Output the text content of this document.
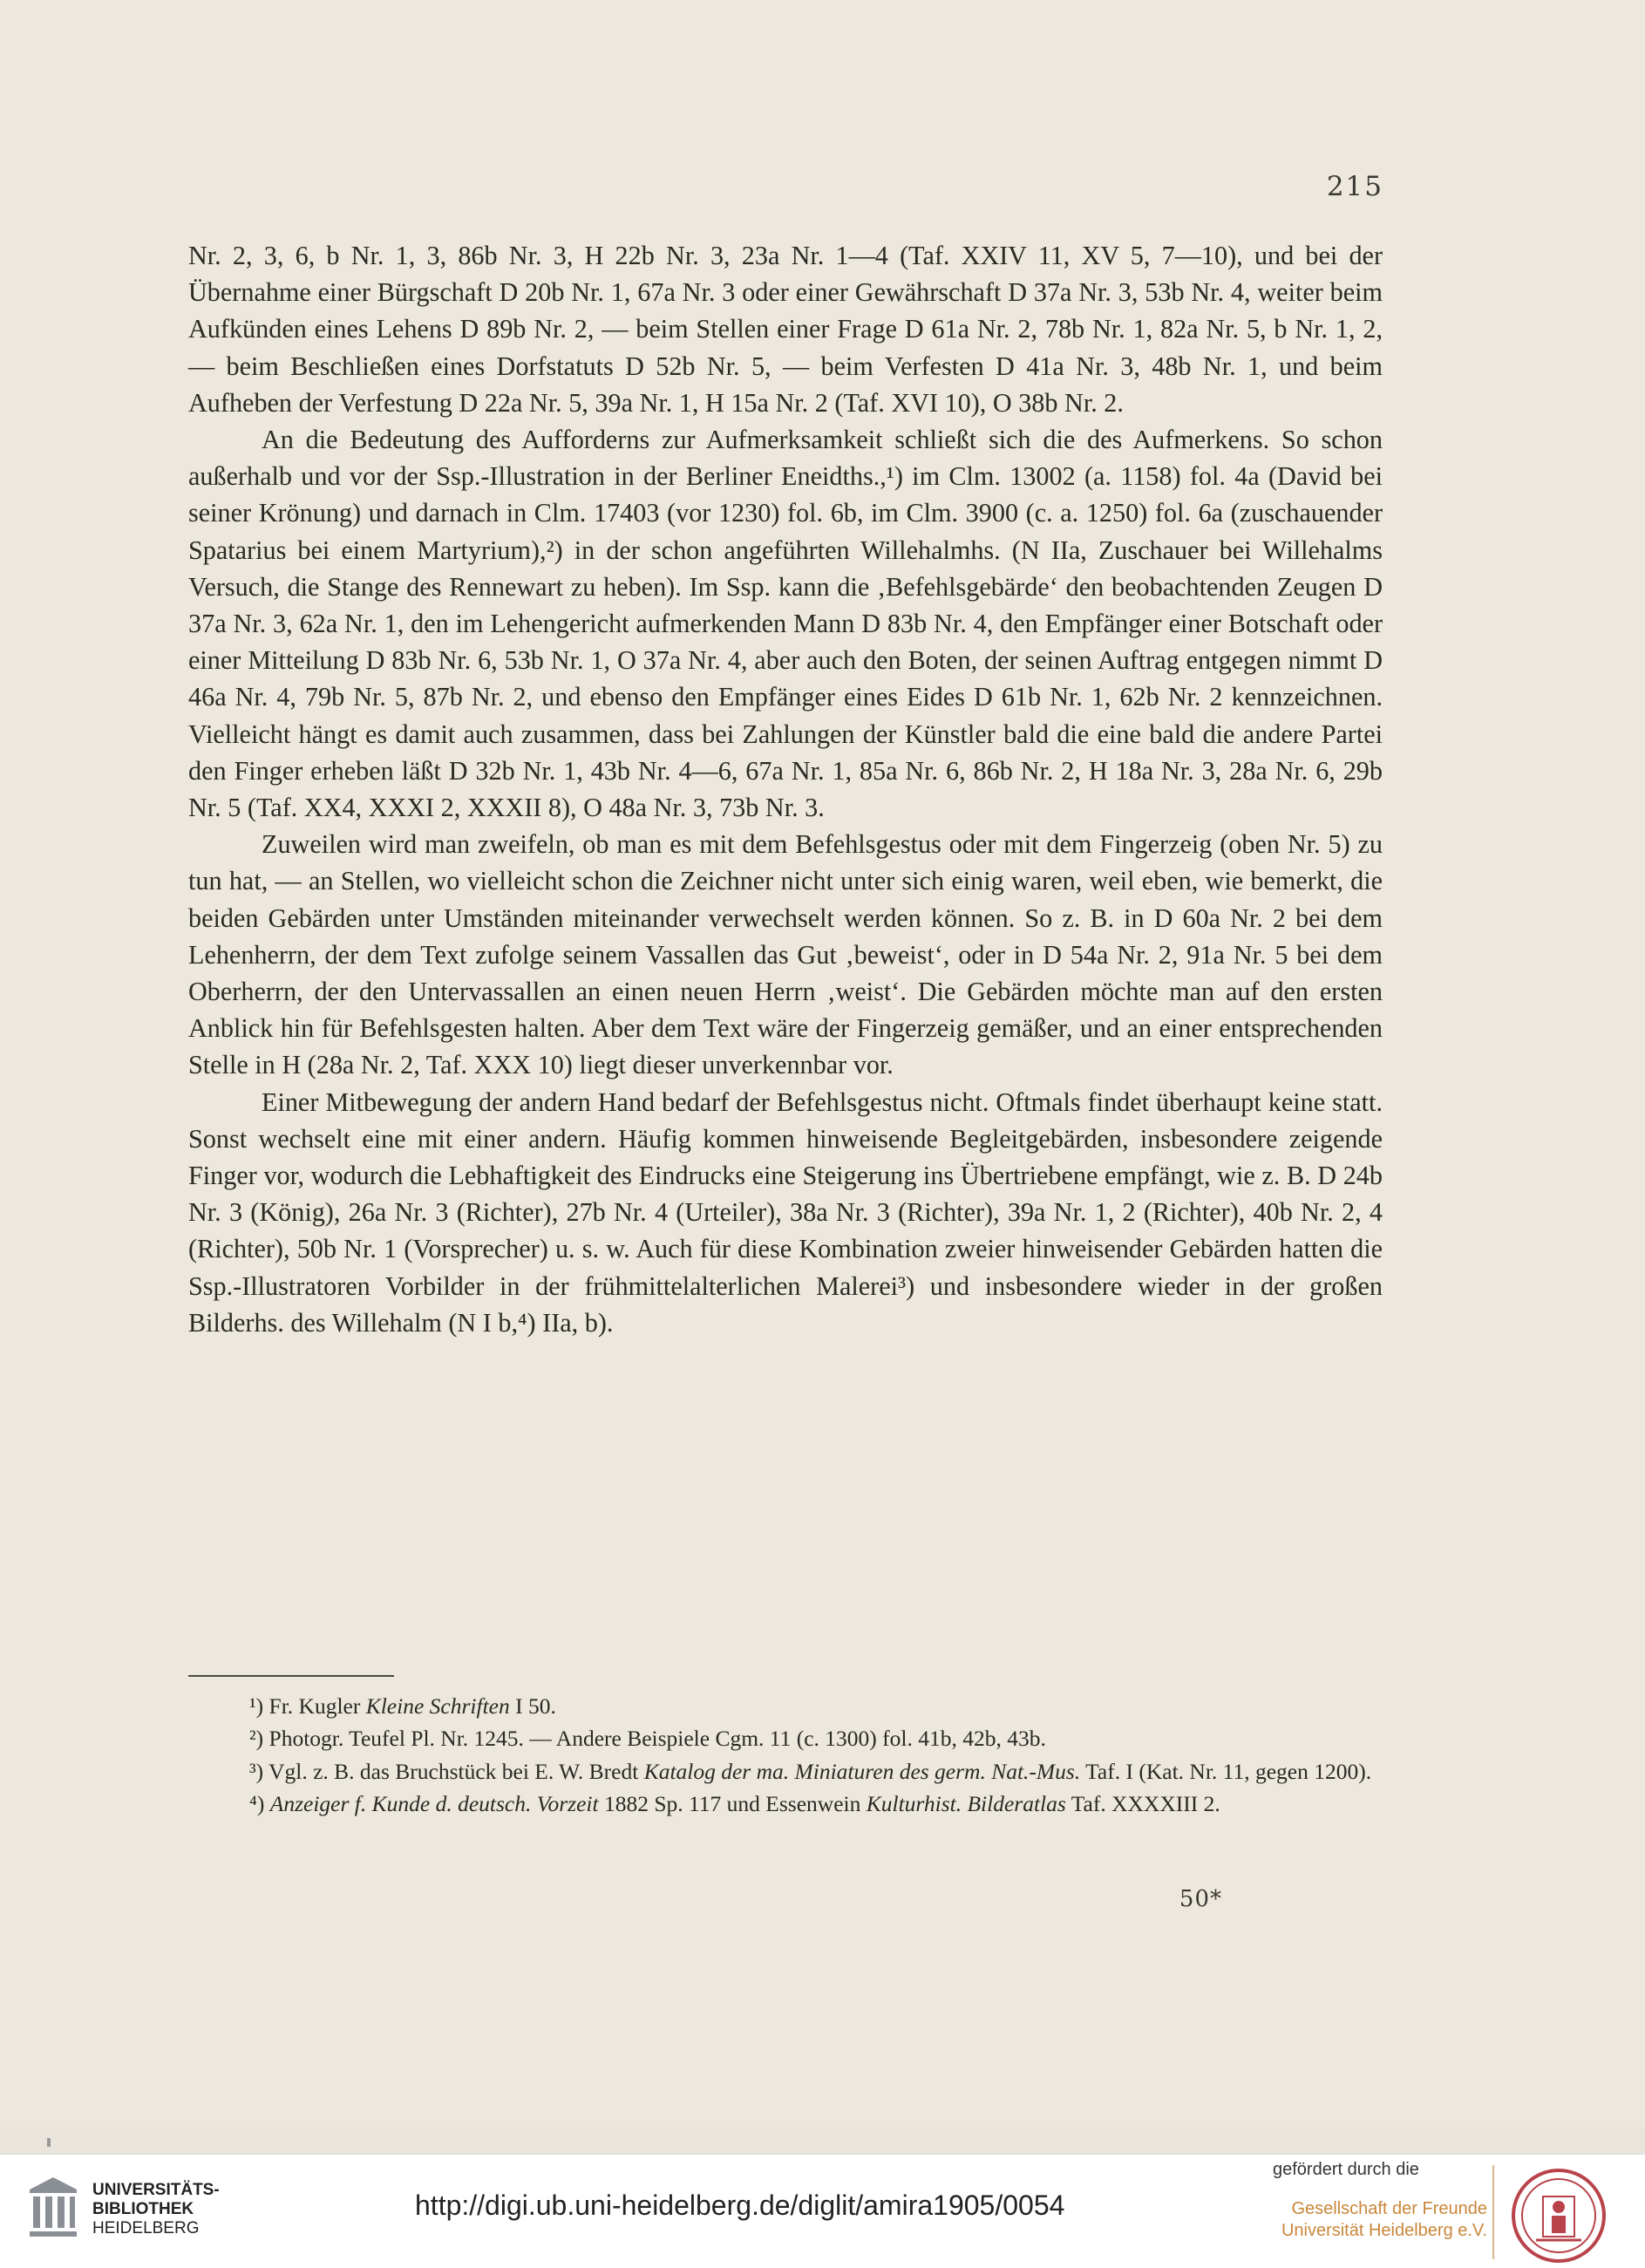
215

Nr. 2, 3, 6, b Nr. 1, 3, 86b Nr. 3, H 22b Nr. 3, 23a Nr. 1—4 (Taf. XXIV 11, XV 5, 7—10), und bei der Übernahme einer Bürgschaft D 20b Nr. 1, 67a Nr. 3 oder einer Gewährschaft D 37a Nr. 3, 53b Nr. 4, weiter beim Aufkünden eines Lehens D 89b Nr. 2, — beim Stellen einer Frage D 61a Nr. 2, 78b Nr. 1, 82a Nr. 5, b Nr. 1, 2, — beim Beschließen eines Dorfstatuts D 52b Nr. 5, — beim Verfesten D 41a Nr. 3, 48b Nr. 1, und beim Aufheben der Verfestung D 22a Nr. 5, 39a Nr. 1, H 15a Nr. 2 (Taf. XVI 10), O 38b Nr. 2.

An die Bedeutung des Aufforderns zur Aufmerksamkeit schließt sich die des Aufmerkens. So schon außerhalb und vor der Ssp.-Illustration in der Berliner Eneidths.,¹) im Clm. 13002 (a. 1158) fol. 4a (David bei seiner Krönung) und darnach in Clm. 17403 (vor 1230) fol. 6b, im Clm. 3900 (c. a. 1250) fol. 6a (zuschauender Spatarius bei einem Martyrium),²) in der schon angeführten Willehalmhs. (N IIa, Zuschauer bei Willehalms Versuch, die Stange des Rennewart zu heben). Im Ssp. kann die ‚Befehlsgebärde‘ den beobachtenden Zeugen D 37a Nr. 3, 62a Nr. 1, den im Lehengericht aufmerkenden Mann D 83b Nr. 4, den Empfänger einer Botschaft oder einer Mitteilung D 83b Nr. 6, 53b Nr. 1, O 37a Nr. 4, aber auch den Boten, der seinen Auftrag entgegen nimmt D 46a Nr. 4, 79b Nr. 5, 87b Nr. 2, und ebenso den Empfänger eines Eides D 61b Nr. 1, 62b Nr. 2 kennzeichnen. Vielleicht hängt es damit auch zusammen, dass bei Zahlungen der Künstler bald die eine bald die andere Partei den Finger erheben läßt D 32b Nr. 1, 43b Nr. 4—6, 67a Nr. 1, 85a Nr. 6, 86b Nr. 2, H 18a Nr. 3, 28a Nr. 6, 29b Nr. 5 (Taf. XX4, XXXI 2, XXXII 8), O 48a Nr. 3, 73b Nr. 3.

Zuweilen wird man zweifeln, ob man es mit dem Befehlsgestus oder mit dem Fingerzeig (oben Nr. 5) zu tun hat, — an Stellen, wo vielleicht schon die Zeichner nicht unter sich einig waren, weil eben, wie bemerkt, die beiden Gebärden unter Umständen miteinander verwechselt werden können. So z. B. in D 60a Nr. 2 bei dem Lehenherrn, der dem Text zufolge seinem Vassallen das Gut ‚beweist‘, oder in D 54a Nr. 2, 91a Nr. 5 bei dem Oberherrn, der den Untervassallen an einen neuen Herrn ‚weist‘. Die Gebärden möchte man auf den ersten Anblick hin für Befehlsgesten halten. Aber dem Text wäre der Fingerzeig gemäßer, und an einer entsprechenden Stelle in H (28a Nr. 2, Taf. XXX 10) liegt dieser unverkennbar vor.

Einer Mitbewegung der andern Hand bedarf der Befehlsgestus nicht. Oftmals findet überhaupt keine statt. Sonst wechselt eine mit einer andern. Häufig kommen hinweisende Begleitgebärden, insbesondere zeigende Finger vor, wodurch die Lebhaftigkeit des Eindrucks eine Steigerung ins Übertriebene empfängt, wie z. B. D 24b Nr. 3 (König), 26a Nr. 3 (Richter), 27b Nr. 4 (Urteiler), 38a Nr. 3 (Richter), 39a Nr. 1, 2 (Richter), 40b Nr. 2, 4 (Richter), 50b Nr. 1 (Vorsprecher) u. s. w. Auch für diese Kombination zweier hinweisender Gebärden hatten die Ssp.-Illustratoren Vorbilder in der frühmittelalterlichen Malerei³) und insbesondere wieder in der großen Bilderhs. des Willehalm (N I b,⁴) IIa, b).

¹) Fr. Kugler Kleine Schriften I 50.

²) Photogr. Teufel Pl. Nr. 1245. — Andere Beispiele Cgm. 11 (c. 1300) fol. 41b, 42b, 43b.

³) Vgl. z. B. das Bruchstück bei E. W. Bredt Katalog der ma. Miniaturen des germ. Nat.-Mus. Taf. I (Kat. Nr. 11, gegen 1200).

⁴) Anzeiger f. Kunde d. deutsch. Vorzeit 1882 Sp. 117 und Essenwein Kulturhist. Bilderatlas Taf. XXXXIII 2.

50*
UNIVERSITÄTS-
BIBLIOTHEK
HEIDELBERG
http://digi.ub.uni-heidelberg.de/diglit/amira1905/0054
gefördert durch die
Gesellschaft der Freunde
Universität Heidelberg e.V.
